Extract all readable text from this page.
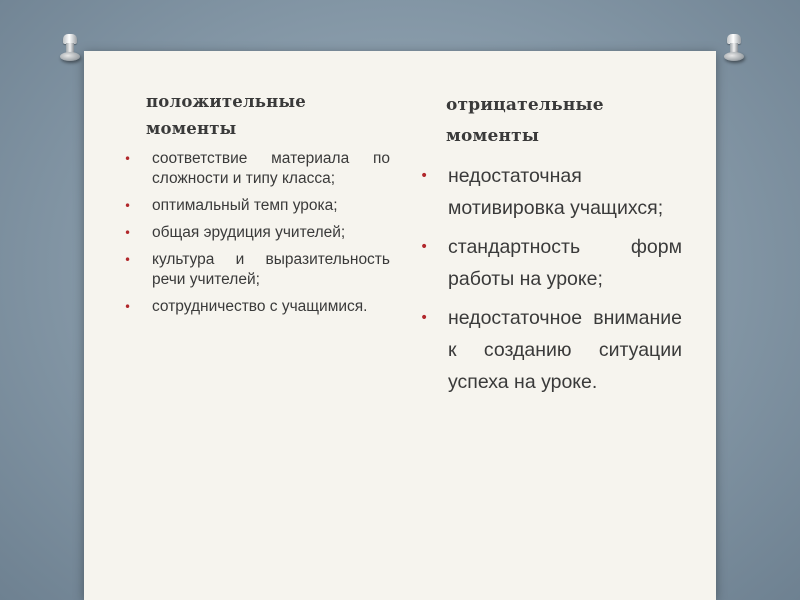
положительные моменты
• соответствие материала по сложности и типу класса;
• оптимальный темп урока;
• общая эрудиция учителей;
• культура и выразительность речи учителей;
• сотрудничество с учащимися.
отрицательные моменты
• недостаточная мотивировка учащихся;
• стандартность форм работы на уроке;
• недостаточное внимание к созданию ситуации успеха на уроке.
